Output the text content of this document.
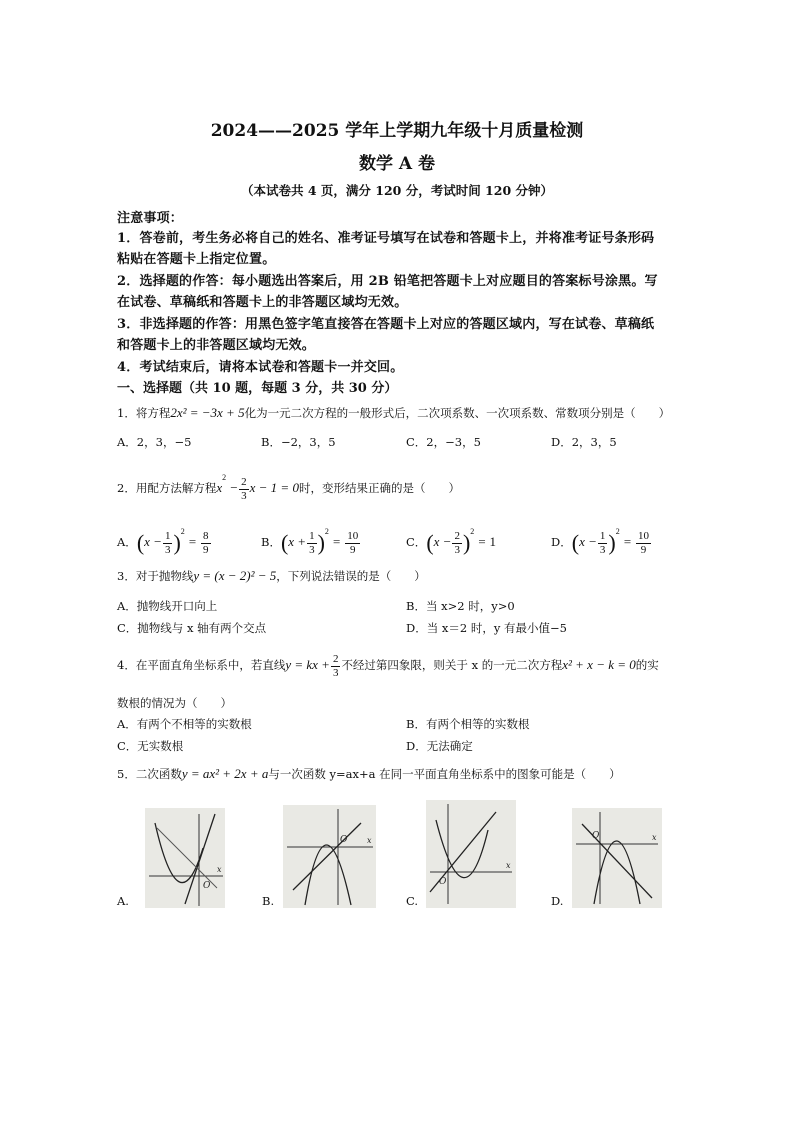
2024——2025 学年上学期九年级十月质量检测
数学 A 卷
（本试卷共 4 页，满分 120 分，考试时间 120 分钟）
注意事项：
1．答卷前，考生务必将自己的姓名、准考证号填写在试卷和答题卡上，并将准考证号条形码
粘贴在答题卡上指定位置。
2．选择题的作答：每小题选出答案后，用 2B 铅笔把答题卡上对应题目的答案标号涂黑。写
在试卷、草稿纸和答题卡上的非答题区域均无效。
3．非选择题的作答：用黑色签字笔直接答在答题卡上对应的答题区域内，写在试卷、草稿纸
和答题卡上的非答题区域均无效。
4．考试结束后，请将本试卷和答题卡一并交回。
一、选择题（共 10 题，每题 3 分，共 30 分）
1．将方程2x² = −3x + 5化为一元二次方程的一般形式后，二次项系数、一次项系数、常数项分别是（　　）
A．2，3，−5	B．−2，3，5	C．2，−3，5	D．2，3，5
2．用配方法解方程$x^2 - \frac{2}{3}$ x − 1 = 0时，变形结果正确的是（　　）
A．$(x - \frac{1}{3} )^2 = \frac{8}{9}$	B．$(x + \frac{1}{3} )^2 = \frac{10}{9}$	C．$(x - \frac{2}{3} )^2 = 1$	D．$(x - \frac{1}{3} )^2 = \frac{10}{9}$
3．对于抛物线y = (x − 2)² − 5，下列说法错误的是（　　）
A．抛物线开口向上	B．当 x>2 时，y>0
C．抛物线与 x 轴有两个交点	D．当 x＝2 时，y 有最小值−5
4．在平面直角坐标系中，若直线y = kx + $\frac{2}{3}$ 不经过第四象限，则关于 x 的一元二次方程x² + x − k = 0的实
数根的情况为（　　）
A．有两个不相等的实数根	B．有两个相等的实数根
C．无实数根	D．无法确定
5．二次函数y = ax² + 2x + a与一次函数 y=ax+a 在同一平面直角坐标系中的图象可能是（　　）
O
x
A.
O x
B.
O
x
C.
O	x
D.
